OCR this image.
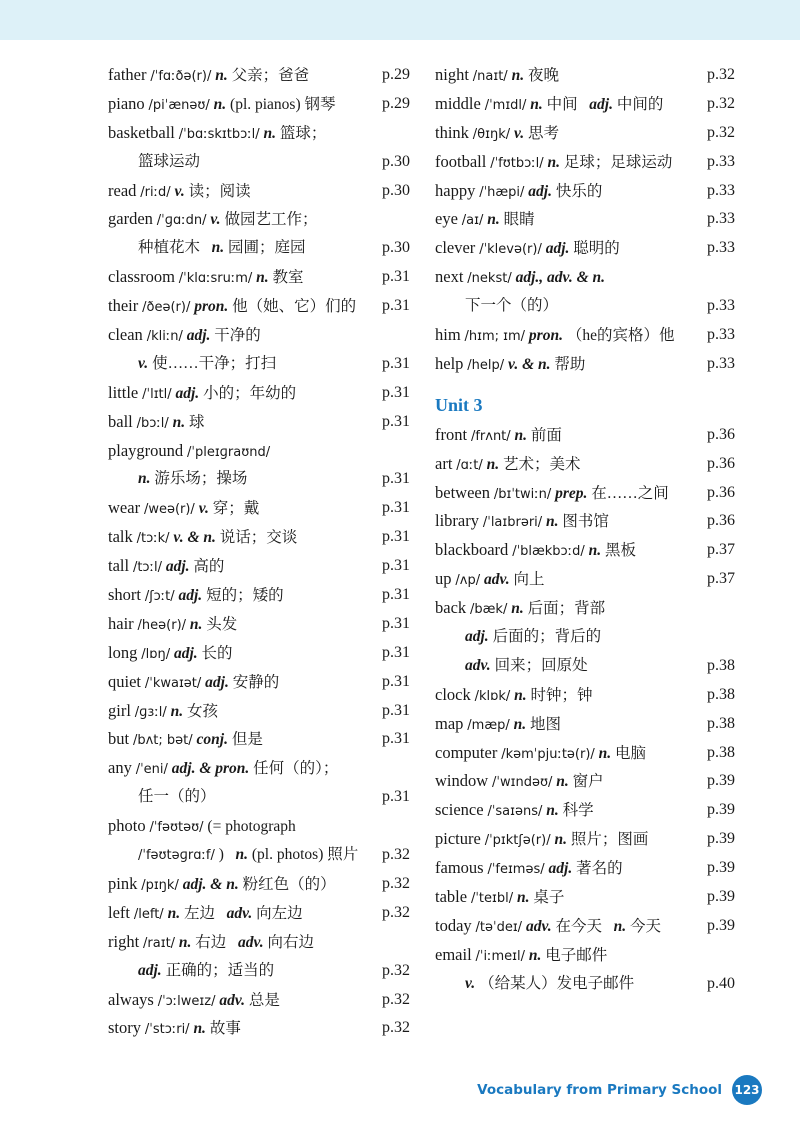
father /ˈfɑːðə(r)/ n. 父亲；爸爸	p.29
piano /piˈænəʊ/ n. (pl. pianos) 钢琴	p.29
basketball /ˈbɑːskɪtbɔːl/ n. 篮球；
篮球运动	p.30
read /riːd/ v. 读；阅读	p.30
garden /ˈɡɑːdn/ v. 做园艺工作；
种植花木 n. 园圃；庭园	p.30
classroom /ˈklɑːsruːm/ n. 教室	p.31
their /ðeə(r)/ pron. 他（她、它）们的 p.31
clean /kliːn/ adj. 干净的
v. 使……干净；打扫	p.31
little /ˈlɪtl/ adj. 小的；年幼的	p.31
ball /bɔːl/ n. 球	p.31
playground /ˈpleɪɡraʊnd/
n. 游乐场；操场	p.31
wear /weə(r)/ v. 穿；戴	p.31
talk /tɔːk/ v. & n. 说话；交谈	p.31
tall /tɔːl/ adj. 高的	p.31
short /ʃɔːt/ adj. 短的；矮的	p.31
hair /heə(r)/ n. 头发	p.31
long /lɒŋ/ adj. 长的	p.31
quiet /ˈkwaɪət/ adj. 安静的	p.31
girl /ɡɜːl/ n. 女孩	p.31
but /bʌt; bət/ conj. 但是	p.31
any /ˈeni/ adj. & pron. 任何（的）；
任一（的）	p.31
photo /ˈfəʊtəʊ/ (= photograph
/ˈfəʊtəɡrɑːf/ ) n. (pl. photos) 照片 p.32
pink /pɪŋk/ adj. & n. 粉红色（的）	p.32
left /left/ n. 左边 adv. 向左边	p.32
right /raɪt/ n. 右边 adv. 向右边
adj. 正确的；适当的	p.32
always /ˈɔːlweɪz/ adv. 总是	p.32
story /ˈstɔːri/ n. 故事	p.32
night /naɪt/ n. 夜晚	p.32
middle /ˈmɪdl/ n. 中间 adj. 中间的	p.32
think /θɪŋk/ v. 思考	p.32
football /ˈfʊtbɔːl/ n. 足球；足球运动 p.33
happy /ˈhæpi/ adj. 快乐的	p.33
eye /aɪ/ n. 眼睛	p.33
clever /ˈklevə(r)/ adj. 聪明的	p.33
next /nekst/ adj., adv. & n.
下一个（的）	p.33
him /hɪm; ɪm/ pron. （he的宾格）他 p.33
help /help/ v. & n. 帮助	p.33
Unit 3
front /frʌnt/ n. 前面	p.36
art /ɑːt/ n. 艺术；美术	p.36
between /bɪˈtwiːn/ prep. 在……之间 p.36
library /ˈlaɪbrəri/ n. 图书馆	p.36
blackboard /ˈblækbɔːd/ n. 黑板	p.37
up /ʌp/ adv. 向上	p.37
back /bæk/ n. 后面；背部
adj. 后面的；背后的
adv. 回来；回原处	p.38
clock /klɒk/ n. 时钟；钟	p.38
map /mæp/ n. 地图	p.38
computer /kəmˈpjuːtə(r)/ n. 电脑	p.38
window /ˈwɪndəʊ/ n. 窗户	p.39
science /ˈsaɪəns/ n. 科学	p.39
picture /ˈpɪktʃə(r)/ n. 照片；图画	p.39
famous /ˈfeɪməs/ adj. 著名的	p.39
table /ˈteɪbl/ n. 桌子	p.39
today /təˈdeɪ/ adv. 在今天 n. 今天	p.39
email /ˈiːmeɪl/ n. 电子邮件
v. （给某人）发电子邮件	p.40
Vocabulary from Primary School 123
